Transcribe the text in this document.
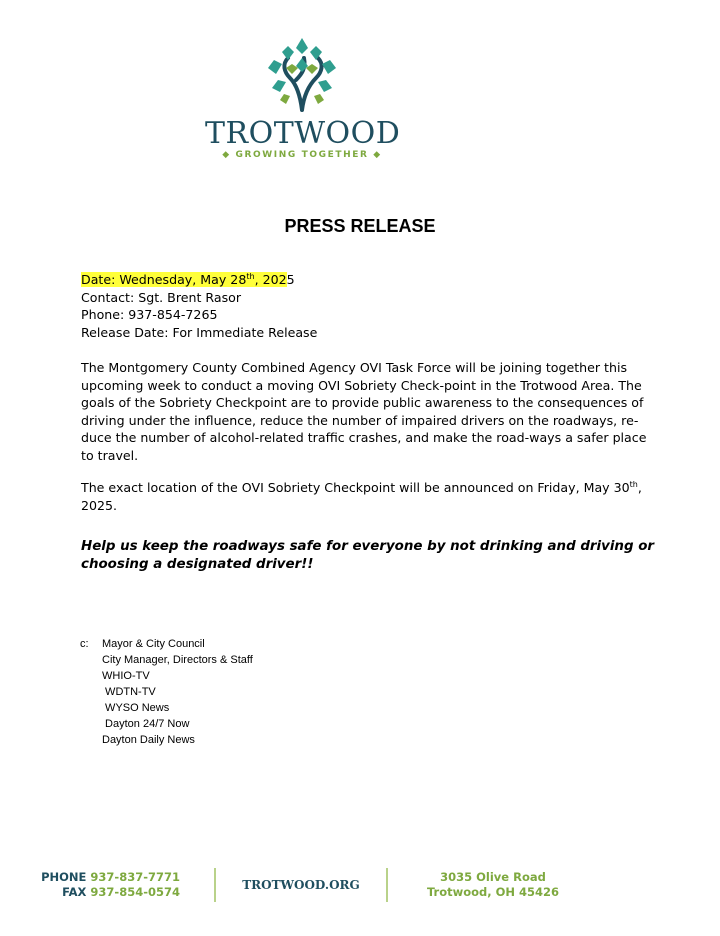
TROTWOOD
◆ GROWING TOGETHER ◆
PRESS RELEASE
Date: Wednesday, May 28th, 2025
Contact: Sgt. Brent Rasor
Phone: 937-854-7265
Release Date: For Immediate Release
The Montgomery County Combined Agency OVI Task Force will be joining together this upcoming week to conduct a moving OVI Sobriety Check-point in the Trotwood Area. The goals of the Sobriety Checkpoint are to provide public awareness to the consequences of driving under the influence, reduce the number of impaired drivers on the roadways, re-duce the number of alcohol-related traffic crashes, and make the road-ways a safer place to travel.
The exact location of the OVI Sobriety Checkpoint will be announced on Friday, May 30th, 2025.
Help us keep the roadways safe for everyone by not drinking and driving or choosing a designated driver!!
c: Mayor & City Council
City Manager, Directors & Staff
WHIO-TV
WDTN-TV
WYSO News
Dayton 24/7 Now
Dayton Daily News
PHONE 937-837-7771
FAX 937-854-0574	TROTWOOD.ORG
3035 Olive Road
Trotwood, OH 45426
